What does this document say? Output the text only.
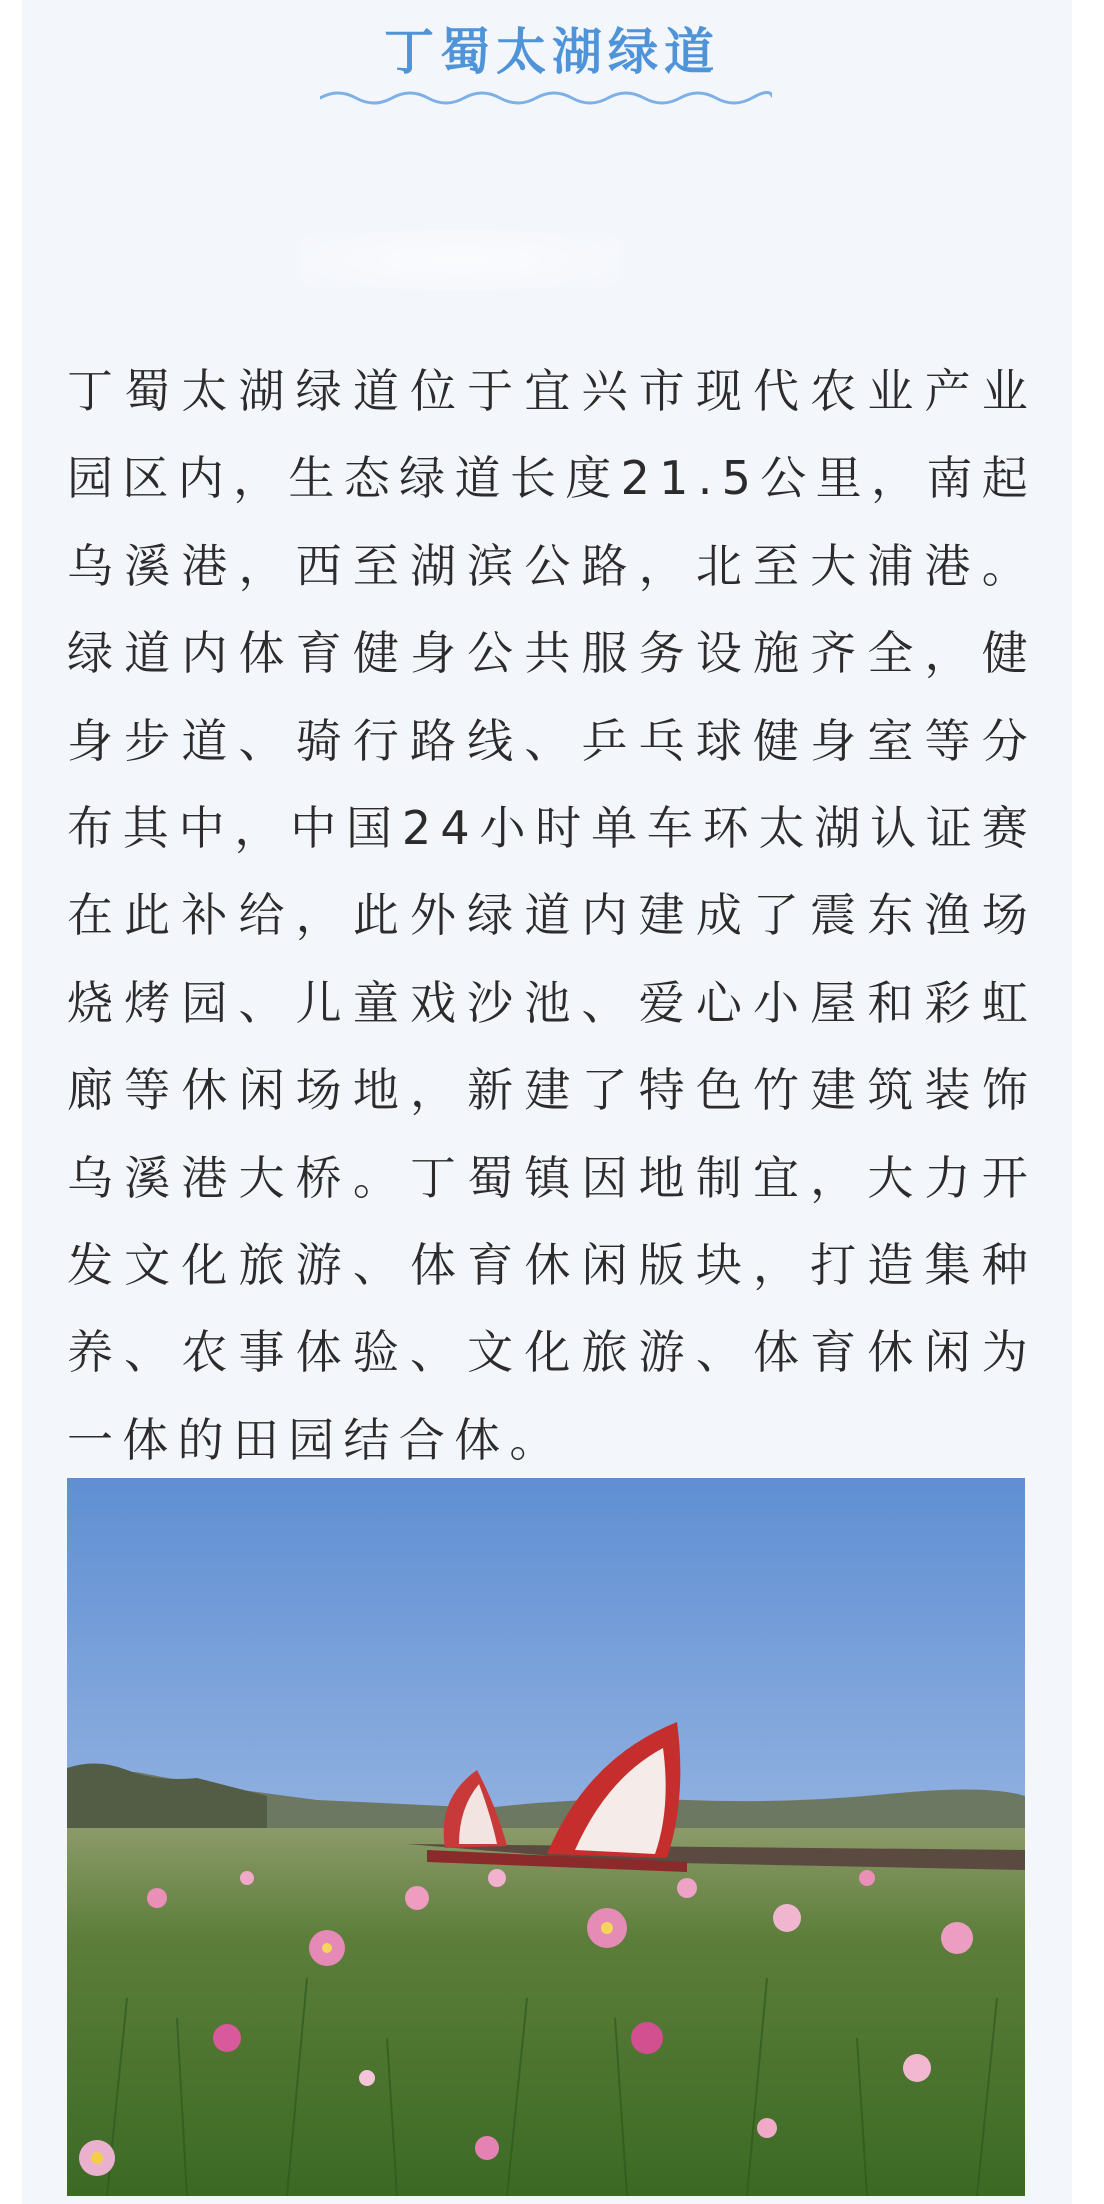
丁蜀太湖绿道

丁蜀太湖绿道位于宜兴市现代农业产业园区内，生态绿道长度21.5公里，南起乌溪港，西至湖滨公路，北至大浦港。绿道内体育健身公共服务设施齐全，健身步道、骑行路线、乒乓球健身室等分布其中，中国24小时单车环太湖认证赛在此补给，此外绿道内建成了震东渔场烧烤园、儿童戏沙池、爱心小屋和彩虹廊等休闲场地，新建了特色竹建筑装饰乌溪港大桥。丁蜀镇因地制宜，大力开发文化旅游、体育休闲版块，打造集种养、农事体验、文化旅游、体育休闲为一体的田园结合体。
